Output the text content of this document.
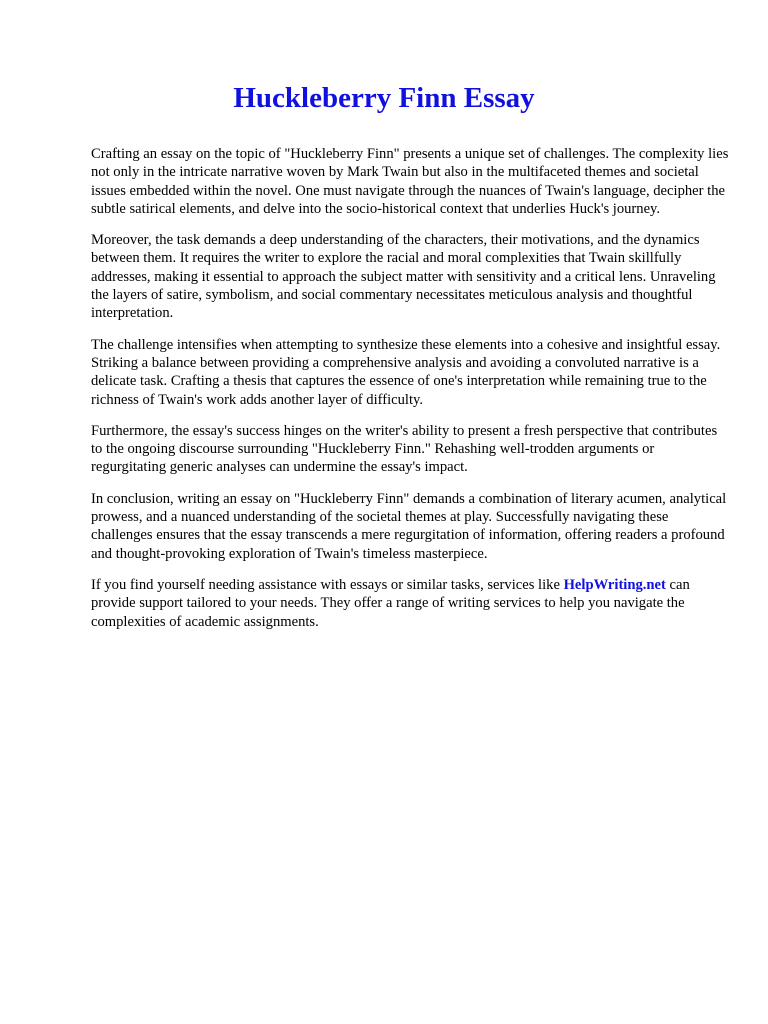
Huckleberry Finn Essay

Crafting an essay on the topic of "Huckleberry Finn" presents a unique set of challenges. The complexity lies not only in the intricate narrative woven by Mark Twain but also in the multifaceted themes and societal issues embedded within the novel. One must navigate through the nuances of Twain's language, decipher the subtle satirical elements, and delve into the socio-historical context that underlies Huck's journey.

Moreover, the task demands a deep understanding of the characters, their motivations, and the dynamics between them. It requires the writer to explore the racial and moral complexities that Twain skillfully addresses, making it essential to approach the subject matter with sensitivity and a critical lens. Unraveling the layers of satire, symbolism, and social commentary necessitates meticulous analysis and thoughtful interpretation.

The challenge intensifies when attempting to synthesize these elements into a cohesive and insightful essay. Striking a balance between providing a comprehensive analysis and avoiding a convoluted narrative is a delicate task. Crafting a thesis that captures the essence of one's interpretation while remaining true to the richness of Twain's work adds another layer of difficulty.

Furthermore, the essay's success hinges on the writer's ability to present a fresh perspective that contributes to the ongoing discourse surrounding "Huckleberry Finn." Rehashing well-trodden arguments or regurgitating generic analyses can undermine the essay's impact.

In conclusion, writing an essay on "Huckleberry Finn" demands a combination of literary acumen, analytical prowess, and a nuanced understanding of the societal themes at play. Successfully navigating these challenges ensures that the essay transcends a mere regurgitation of information, offering readers a profound and thought-provoking exploration of Twain's timeless masterpiece.

If you find yourself needing assistance with essays or similar tasks, services like HelpWriting.net can provide support tailored to your needs. They offer a range of writing services to help you navigate the complexities of academic assignments.
